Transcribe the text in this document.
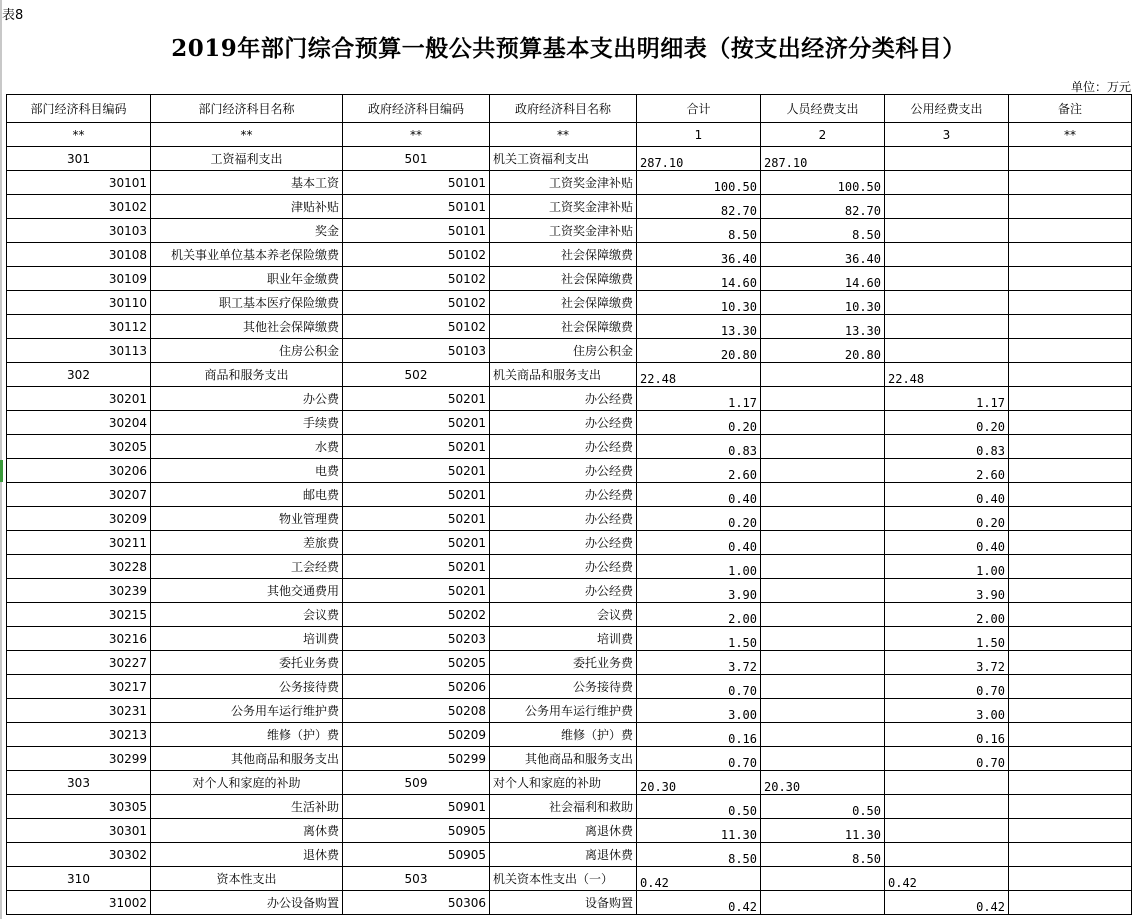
表8
2019年部门综合预算一般公共预算基本支出明细表（按支出经济分类科目）
单位：万元
部门经济科目编码	部门经济科目名称	政府经济科目编码	政府经济科目名称	合计	人员经费支出	公用经费支出	备注
**	**	**	**	1	2	3	**
301	工资福利支出	501	机关工资福利支出	287.10	287.10		
30101	基本工资	50101	工资奖金津补贴	100.50	100.50		
30102	津贴补贴	50101	工资奖金津补贴	82.70	82.70		
30103	奖金	50101	工资奖金津补贴	8.50	8.50		
30108	机关事业单位基本养老保险缴费	50102	社会保障缴费	36.40	36.40		
30109	职业年金缴费	50102	社会保障缴费	14.60	14.60		
30110	职工基本医疗保险缴费	50102	社会保障缴费	10.30	10.30		
30112	其他社会保障缴费	50102	社会保障缴费	13.30	13.30		
30113	住房公积金	50103	住房公积金	20.80	20.80		
302	商品和服务支出	502	机关商品和服务支出	22.48		22.48	
30201	办公费	50201	办公经费	1.17		1.17	
30204	手续费	50201	办公经费	0.20		0.20	
30205	水费	50201	办公经费	0.83		0.83	
30206	电费	50201	办公经费	2.60		2.60	
30207	邮电费	50201	办公经费	0.40		0.40	
30209	物业管理费	50201	办公经费	0.20		0.20	
30211	差旅费	50201	办公经费	0.40		0.40	
30228	工会经费	50201	办公经费	1.00		1.00	
30239	其他交通费用	50201	办公经费	3.90		3.90	
30215	会议费	50202	会议费	2.00		2.00	
30216	培训费	50203	培训费	1.50		1.50	
30227	委托业务费	50205	委托业务费	3.72		3.72	
30217	公务接待费	50206	公务接待费	0.70		0.70	
30231	公务用车运行维护费	50208	公务用车运行维护费	3.00		3.00	
30213	维修（护）费	50209	维修（护）费	0.16		0.16	
30299	其他商品和服务支出	50299	其他商品和服务支出	0.70		0.70	
303	对个人和家庭的补助	509	对个人和家庭的补助	20.30	20.30		
30305	生活补助	50901	社会福利和救助	0.50	0.50		
30301	离休费	50905	离退休费	11.30	11.30		
30302	退休费	50905	离退休费	8.50	8.50		
310	资本性支出	503	机关资本性支出（一）	0.42		0.42	
31002	办公设备购置	50306	设备购置	0.42		0.42	
